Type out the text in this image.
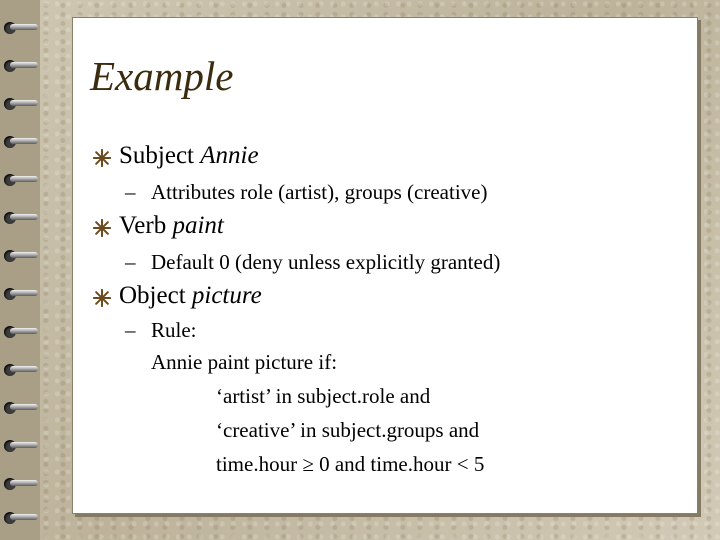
Example
Subject Annie
– Attributes role (artist), groups (creative)
Verb paint
– Default 0 (deny unless explicitly granted)
Object picture
– Rule:
Annie paint picture if:
‘artist’ in subject.role and
‘creative’ in subject.groups and
time.hour ≥ 0 and time.hour < 5
